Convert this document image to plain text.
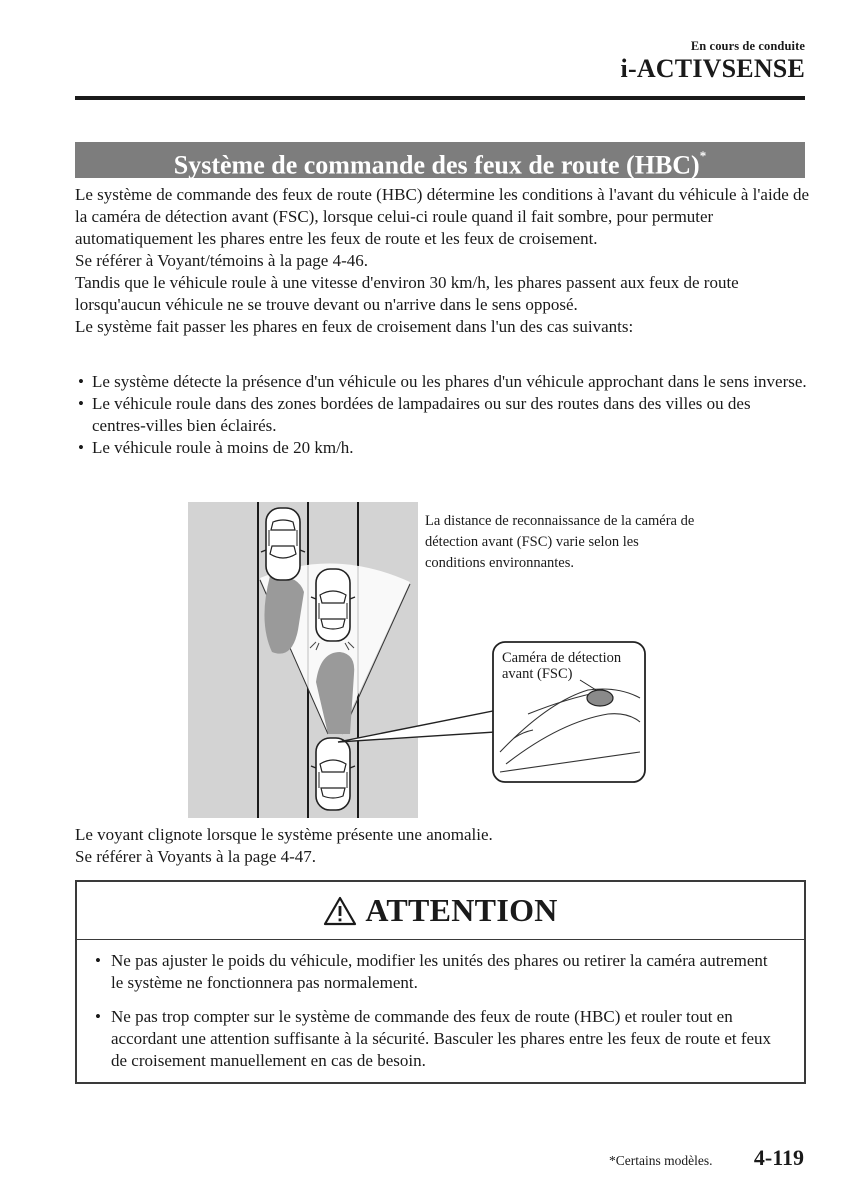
En cours de conduite
i-ACTIVSENSE
Système de commande des feux de route (HBC)*

Le système de commande des feux de route (HBC) détermine les conditions à l'avant du véhicule à l'aide de la caméra de détection avant (FSC), lorsque celui-ci roule quand il fait sombre, pour permuter automatiquement les phares entre les feux de route et les feux de croisement.

Se référer à Voyant/témoins à la page 4-46.

Tandis que le véhicule roule à une vitesse d'environ 30 km/h, les phares passent aux feux de route lorsqu'aucun véhicule ne se trouve devant ou n'arrive dans le sens opposé.

Le système fait passer les phares en feux de croisement dans l'un des cas suivants:

• Le système détecte la présence d'un véhicule ou les phares d'un véhicule approchant dans le sens inverse.
• Le véhicule roule dans des zones bordées de lampadaires ou sur des routes dans des villes ou des centres-villes bien éclairés.
• Le véhicule roule à moins de 20 km/h.
Caméra de détection
avant (FSC)
La distance de reconnaissance de la caméra de détection avant (FSC) varie selon les conditions environnantes.

Le voyant clignote lorsque le système présente une anomalie.

Se référer à Voyants à la page 4-47.

ATTENTION
• Ne pas ajuster le poids du véhicule, modifier les unités des phares ou retirer la caméra autrement le système ne fonctionnera pas normalement.
• Ne pas trop compter sur le système de commande des feux de route (HBC) et rouler tout en accordant une attention suffisante à la sécurité. Basculer les phares entre les feux de route et feux de croisement manuellement en cas de besoin.
*Certains modèles. 4-119
